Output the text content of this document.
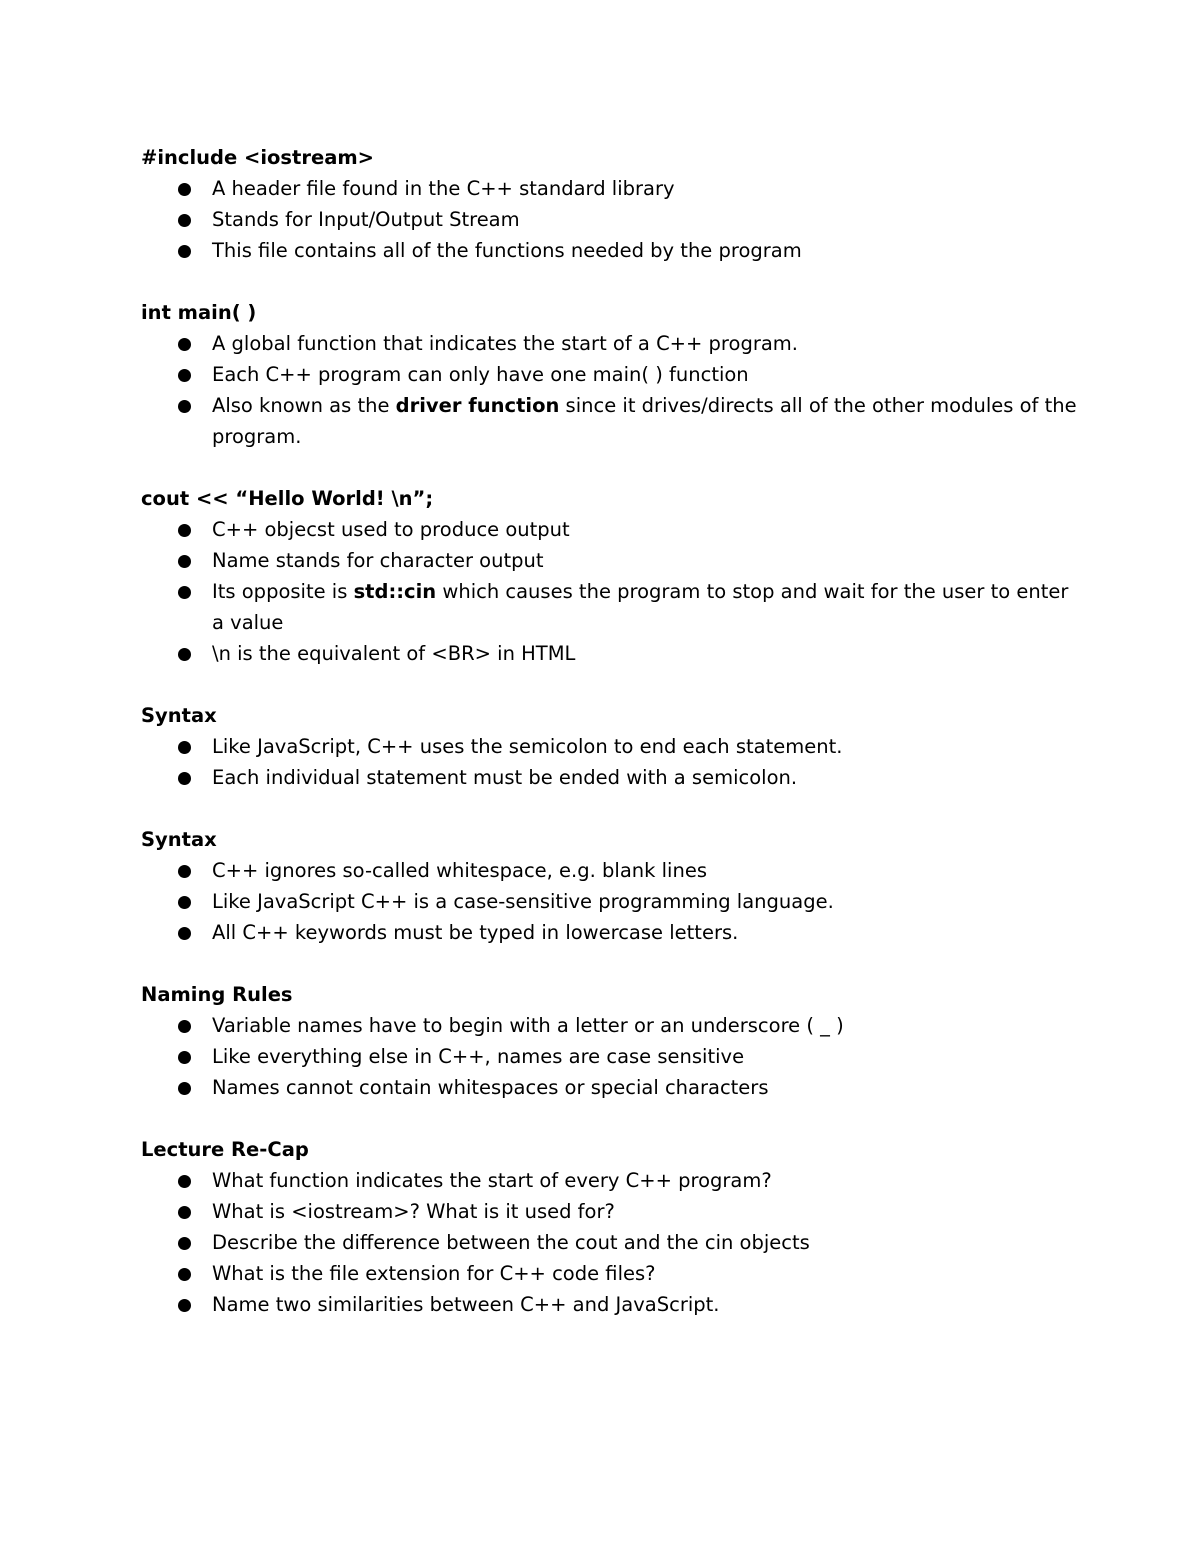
#include <iostream>

A header file found in the C++ standard library
Stands for Input/Output Stream
This file contains all of the functions needed by the program

int main( )

A global function that indicates the start of a C++ program.
Each C++ program can only have one main( ) function
Also known as the driver function since it drives/directs all of the other modules of the program.

cout << “Hello World! \n”;

C++ objecst used to produce output
Name stands for character output
Its opposite is std::cin which causes the program to stop and wait for the user to enter a value
\n is the equivalent of <BR> in HTML

Syntax

Like JavaScript, C++ uses the semicolon to end each statement.
Each individual statement must be ended with a semicolon.

Syntax

C++ ignores so-called whitespace, e.g. blank lines
Like JavaScript C++ is a case-sensitive programming language.
All C++ keywords must be typed in lowercase letters.

Naming Rules

Variable names have to begin with a letter or an underscore ( _ )
Like everything else in C++, names are case sensitive
Names cannot contain whitespaces or special characters

Lecture Re-Cap

What function indicates the start of every C++ program?
What is <iostream>? What is it used for?
Describe the difference between the cout and the cin objects
What is the file extension for C++ code files?
Name two similarities between C++ and JavaScript.
